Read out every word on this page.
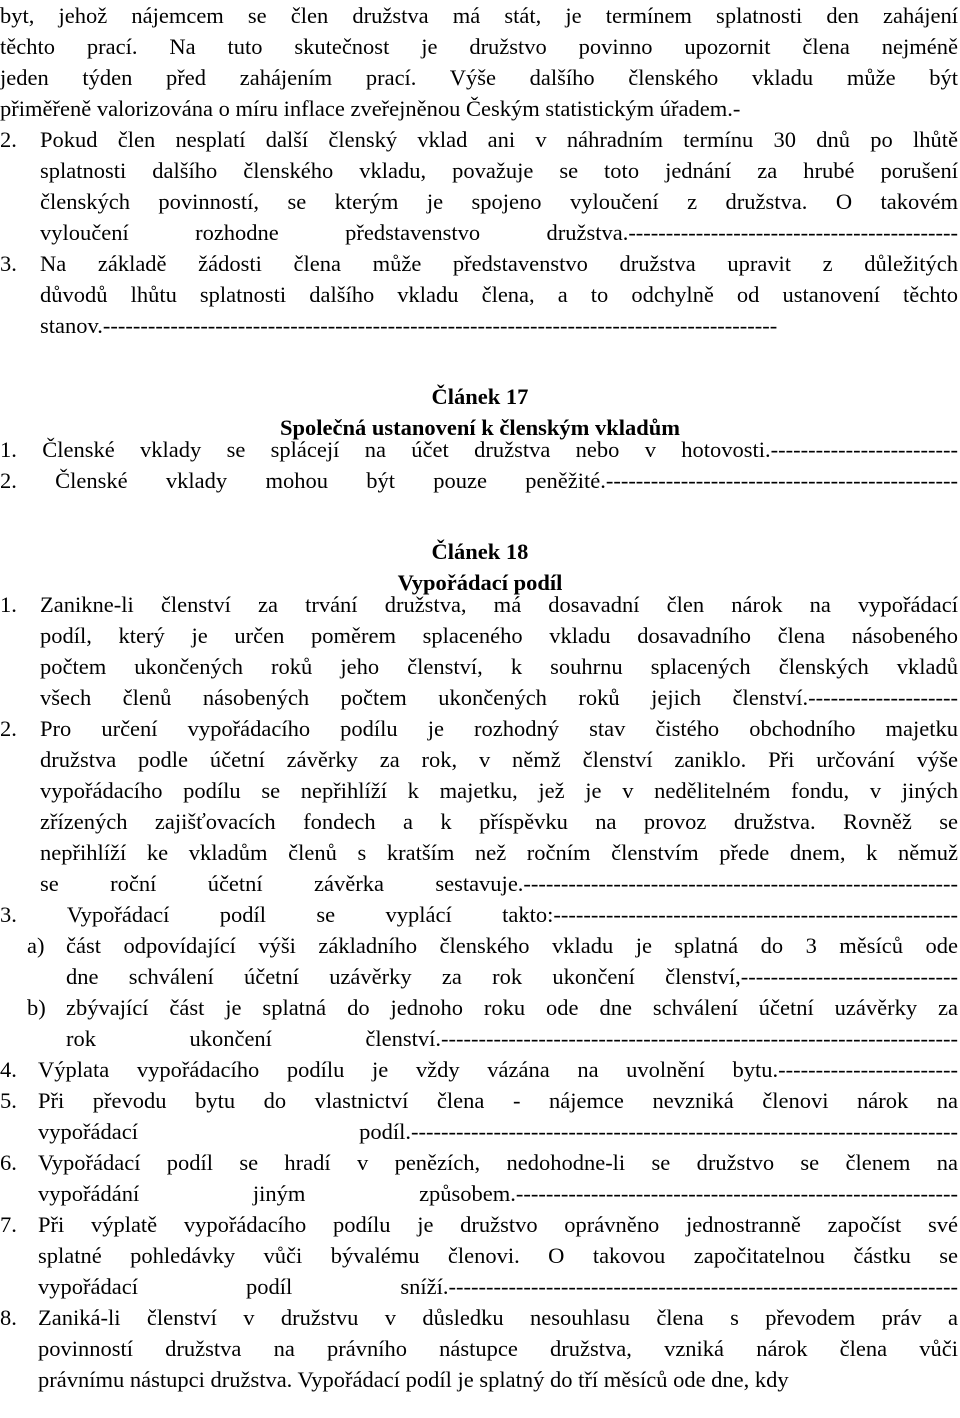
byt, jehož nájemcem se člen družstva má stát, je termínem splatnosti den zahájení
těchto prací. Na tuto skutečnost je družstvo povinno upozornit člena nejméně
jeden týden před zahájením prací. Výše dalšího členského vkladu může být
přiměřeně valorizována o míru inflace zveřejněnou Českým statistickým úřadem.-
2. Pokud člen nesplatí další členský vklad ani v náhradním termínu 30 dnů po lhůtě
splatnosti dalšího členského vkladu, považuje se toto jednání za hrubé porušení
členských povinností, se kterým je spojeno vyloučení z družstva. O takovém
vyloučení rozhodne představenstvo družstva.--------------------------------------------
3. Na základě žádosti člena může představenstvo družstva upravit z důležitých
důvodů lhůtu splatnosti dalšího vkladu člena, a to odchylně od ustanovení těchto
stanov.------------------------------------------------------------------------------------------
Článek 17
Společná ustanovení k členským vkladům
1. Členské vklady se splácejí na účet družstva nebo v hotovosti.-------------------------
2. Členské vklady mohou být pouze peněžité.-----------------------------------------------
Článek 18
Vypořádací podíl
1. Zanikne-li členství za trvání družstva, má dosavadní člen nárok na vypořádací
podíl, který je určen poměrem splaceného vkladu dosavadního člena násobeného
počtem ukončených roků jeho členství, k souhrnu splacených členských vkladů
všech členů násobených počtem ukončených roků jejich členství.--------------------
2. Pro určení vypořádacího podílu je rozhodný stav čistého obchodního majetku
družstva podle účetní závěrky za rok, v němž členství zaniklo. Při určování výše
vypořádacího podílu se nepřihlíží k majetku, jež je v nedělitelném fondu, v jiných
zřízených zajišťovacích fondech a k příspěvku na provoz družstva. Rovněž se
nepřihlíží ke vkladům členů s kratším než ročním členstvím přede dnem, k němuž
se roční účetní závěrka sestavuje.----------------------------------------------------------
3. Vypořádací podíl se vyplácí takto:------------------------------------------------------
a) část odpovídající výši základního členského vkladu je splatná do 3 měsíců ode
dne schválení účetní uzávěrky za rok ukončení členství,-----------------------------
b) zbývající část je splatná do jednoho roku ode dne schválení účetní uzávěrky za
rok ukončení členství.---------------------------------------------------------------------
4. Výplata vypořádacího podílu je vždy vázána na uvolnění bytu.------------------------
5. Při převodu bytu do vlastnictví člena - nájemce nevzniká členovi nárok na
vypořádací podíl.-------------------------------------------------------------------------
6. Vypořádací podíl se hradí v penězích, nedohodne-li se družstvo se členem na
vypořádání jiným způsobem.-----------------------------------------------------------
7. Při výplatě vypořádacího podílu je družstvo oprávněno jednostranně započíst své
splatné pohledávky vůči bývalému členovi. O takovou započitatelnou částku se
vypořádací podíl sníží.--------------------------------------------------------------------
8. Zaniká-li členství v družstvu v důsledku nesouhlasu člena s převodem práv a
povinností družstva na právního nástupce družstva, vzniká nárok člena vůči
právnímu nástupci družstva. Vypořádací podíl je splatný do tří měsíců ode dne, kdy
